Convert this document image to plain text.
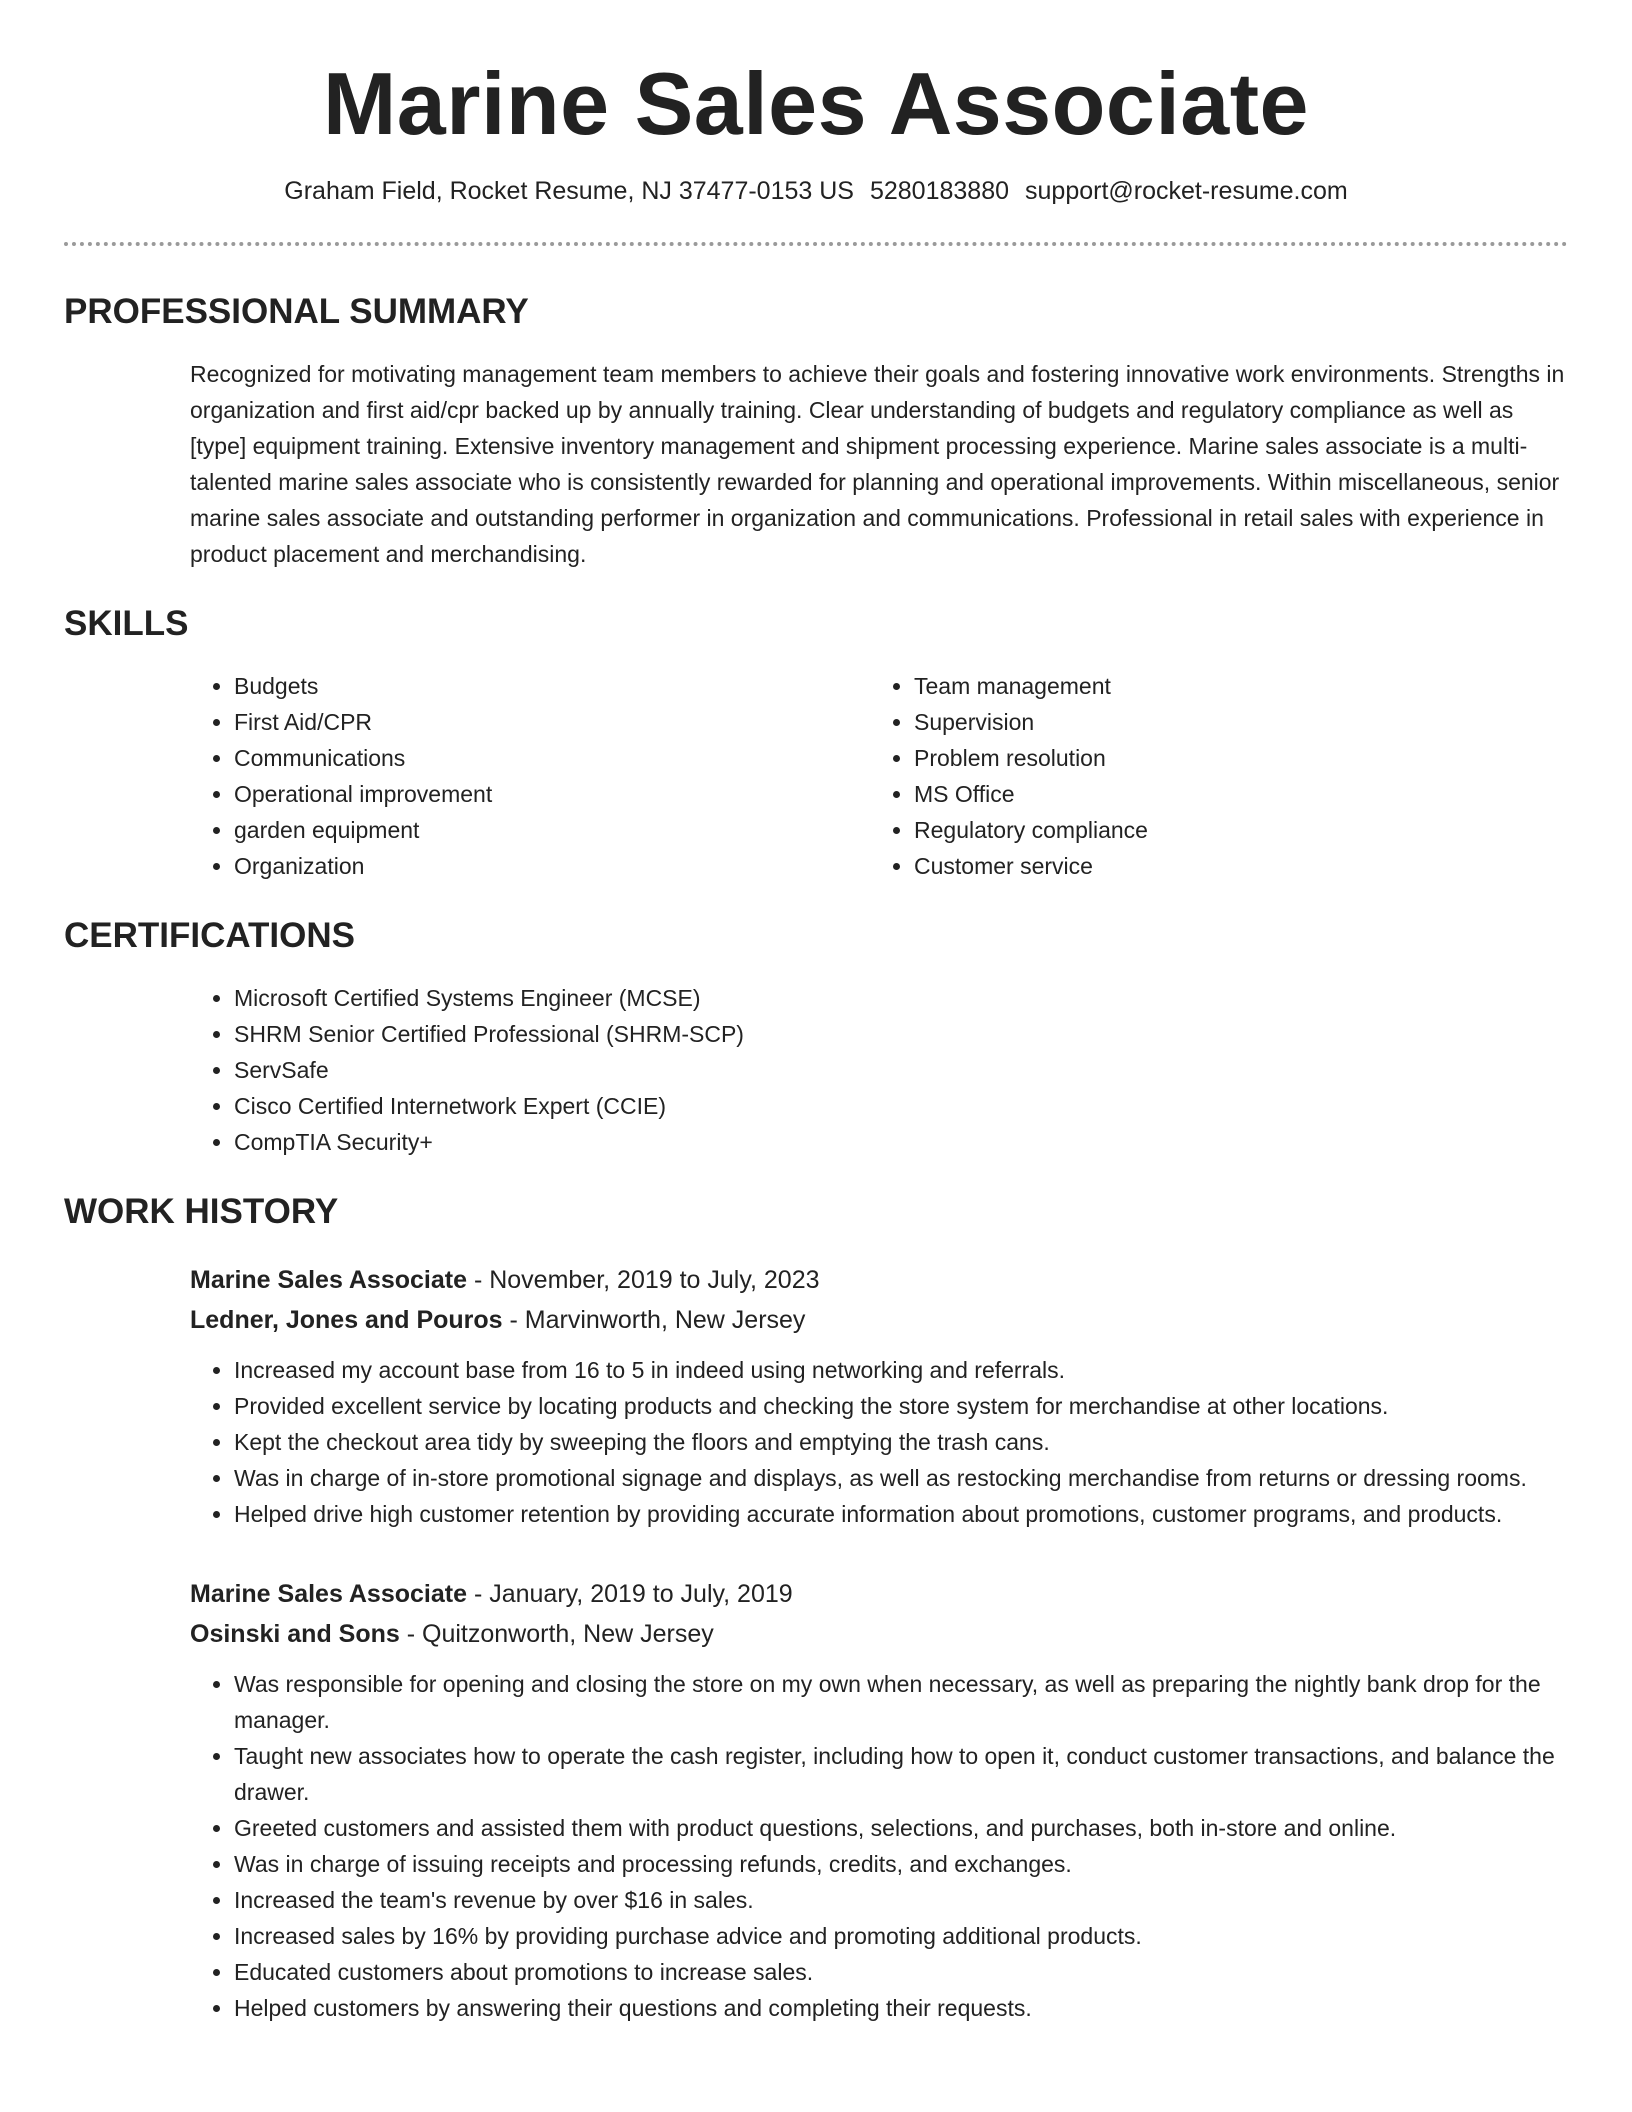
Marine Sales Associate
Graham Field, Rocket Resume, NJ 37477-0153 US 5280183880 support@rocket-resume.com
PROFESSIONAL SUMMARY
Recognized for motivating management team members to achieve their goals and fostering innovative work environments. Strengths in organization and first aid/cpr backed up by annually training. Clear understanding of budgets and regulatory compliance as well as [type] equipment training. Extensive inventory management and shipment processing experience. Marine sales associate is a multi-talented marine sales associate who is consistently rewarded for planning and operational improvements. Within miscellaneous, senior marine sales associate and outstanding performer in organization and communications. Professional in retail sales with experience in product placement and merchandising.
SKILLS
• Budgets
• First Aid/CPR
• Communications
• Operational improvement
• garden equipment
• Organization
• Team management
• Supervision
• Problem resolution
• MS Office
• Regulatory compliance
• Customer service
CERTIFICATIONS
• Microsoft Certified Systems Engineer (MCSE)
• SHRM Senior Certified Professional (SHRM-SCP)
• ServSafe
• Cisco Certified Internetwork Expert (CCIE)
• CompTIA Security+
WORK HISTORY
Marine Sales Associate - November, 2019 to July, 2023
Ledner, Jones and Pouros - Marvinworth, New Jersey
• Increased my account base from 16 to 5 in indeed using networking and referrals.
• Provided excellent service by locating products and checking the store system for merchandise at other locations.
• Kept the checkout area tidy by sweeping the floors and emptying the trash cans.
• Was in charge of in-store promotional signage and displays, as well as restocking merchandise from returns or dressing rooms.
• Helped drive high customer retention by providing accurate information about promotions, customer programs, and products.
Marine Sales Associate - January, 2019 to July, 2019
Osinski and Sons - Quitzonworth, New Jersey
• Was responsible for opening and closing the store on my own when necessary, as well as preparing the nightly bank drop for the manager.
• Taught new associates how to operate the cash register, including how to open it, conduct customer transactions, and balance the drawer.
• Greeted customers and assisted them with product questions, selections, and purchases, both in-store and online.
• Was in charge of issuing receipts and processing refunds, credits, and exchanges.
• Increased the team's revenue by over $16 in sales.
• Increased sales by 16% by providing purchase advice and promoting additional products.
• Educated customers about promotions to increase sales.
• Helped customers by answering their questions and completing their requests.
